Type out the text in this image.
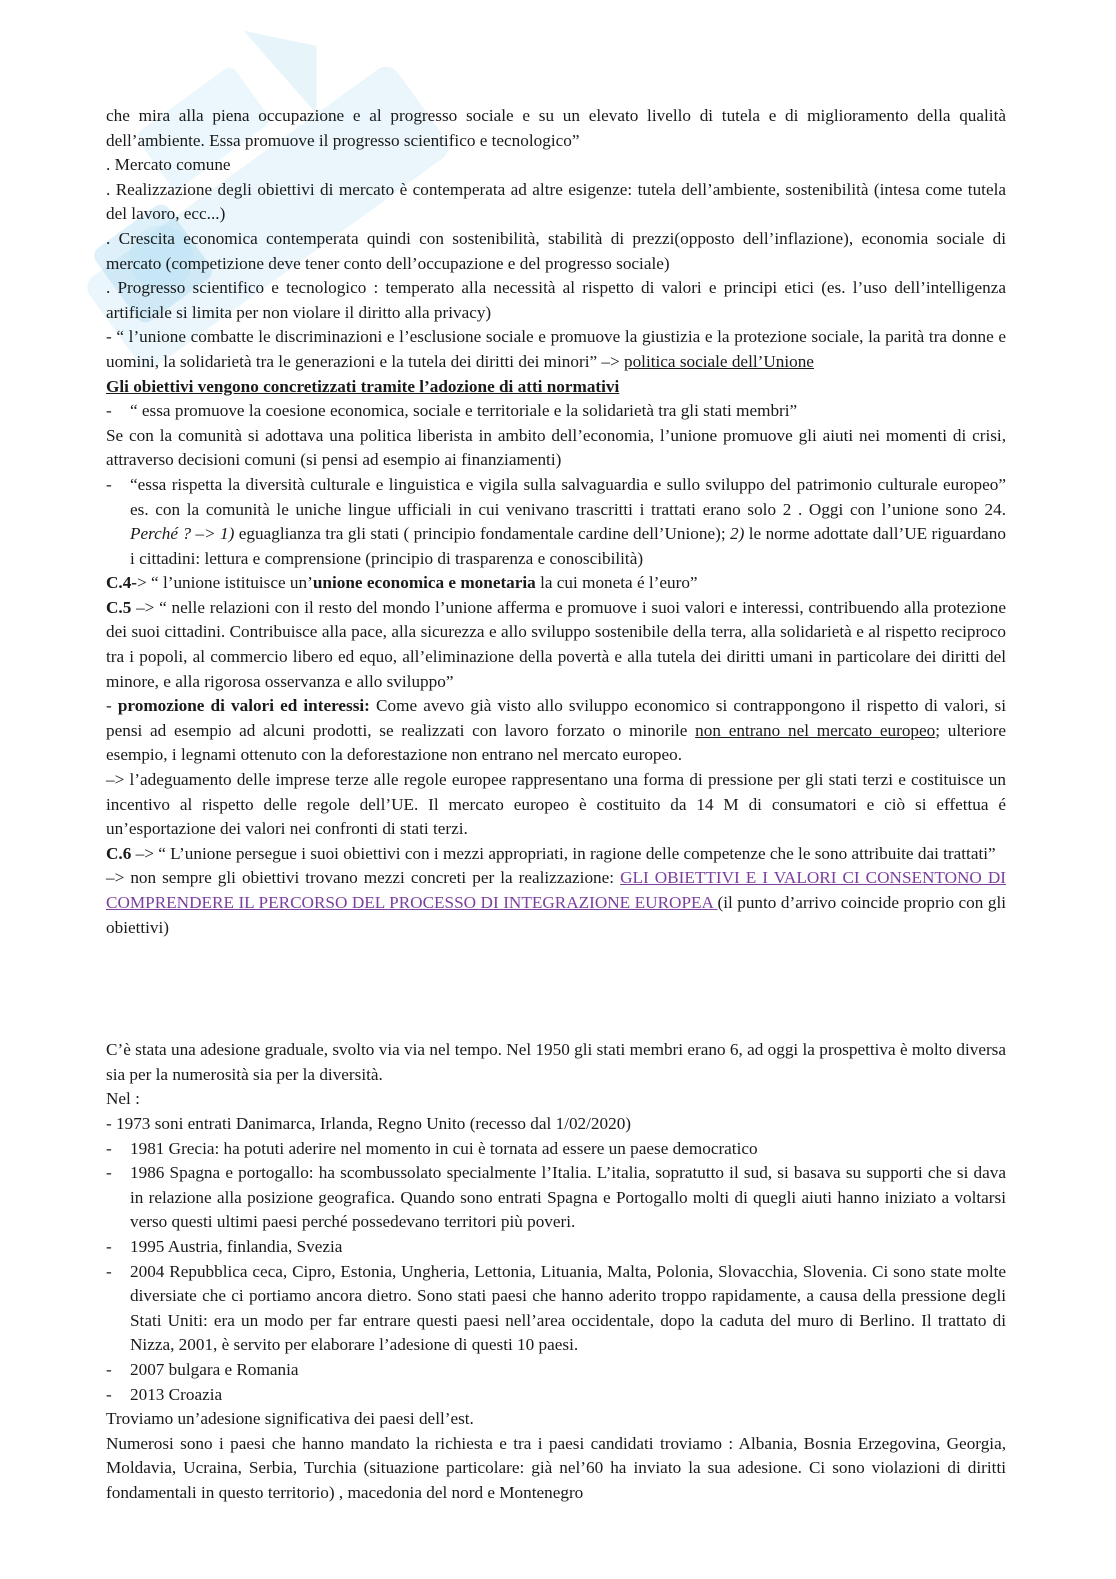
che mira alla piena occupazione e al progresso sociale e su un elevato livello di tutela e di miglioramento della qualità dell’ambiente. Essa promuove il progresso scientifico e tecnologico”

. Mercato comune

. Realizzazione degli obiettivi di mercato è contemperata ad altre esigenze: tutela dell’ambiente, sostenibilità (intesa come tutela del lavoro, ecc...)

. Crescita economica contemperata quindi con sostenibilità, stabilità di prezzi(opposto dell’inflazione), economia sociale di mercato (competizione deve tener conto dell’occupazione e del progresso sociale)

. Progresso scientifico e tecnologico : temperato alla necessità al rispetto di valori e principi etici (es. l’uso dell’intelligenza artificiale si limita per non violare il diritto alla privacy)

- “ l’unione combatte le discriminazioni e l’esclusione sociale e promuove la giustizia e la protezione sociale, la parità tra donne e uomini, la solidarietà tra le generazioni e la tutela dei diritti dei minori” –> politica sociale dell’Unione

Gli obiettivi vengono concretizzati tramite l’adozione di atti normativi

- “ essa promuove la coesione economica, sociale e territoriale e la solidarietà tra gli stati membri”

Se con la comunità si adottava una politica liberista in ambito dell’economia, l’unione promuove gli aiuti nei momenti di crisi, attraverso decisioni comuni (si pensi ad esempio ai finanziamenti)

- “essa rispetta la diversità culturale e linguistica e vigila sulla salvaguardia e sullo sviluppo del patrimonio culturale europeo” es. con la comunità le uniche lingue ufficiali in cui venivano trascritti i trattati erano solo 2 . Oggi con l’unione sono 24. Perché ? –> 1) eguaglianza tra gli stati ( principio fondamentale cardine dell’Unione); 2) le norme adottate dall’UE riguardano i cittadini: lettura e comprensione (principio di trasparenza e conoscibilità)

C.4-> “ l’unione istituisce un’unione economica e monetaria la cui moneta é l’euro”

C.5 –> “ nelle relazioni con il resto del mondo l’unione afferma e promuove i suoi valori e interessi, contribuendo alla protezione dei suoi cittadini. Contribuisce alla pace, alla sicurezza e allo sviluppo sostenibile della terra, alla solidarietà e al rispetto reciproco tra i popoli, al commercio libero ed equo, all’eliminazione della povertà e alla tutela dei diritti umani in particolare dei diritti del minore, e alla rigorosa osservanza e allo sviluppo”

- promozione di valori ed interessi: Come avevo già visto allo sviluppo economico si contrappongono il rispetto di valori, si pensi ad esempio ad alcuni prodotti, se realizzati con lavoro forzato o minorile non entrano nel mercato europeo; ulteriore esempio, i legnami ottenuto con la deforestazione non entrano nel mercato europeo.

–> l’adeguamento delle imprese terze alle regole europee rappresentano una forma di pressione per gli stati terzi e costituisce un incentivo al rispetto delle regole dell’UE. Il mercato europeo è costituito da 14 M di consumatori e ciò si effettua é un’esportazione dei valori nei confronti di stati terzi.

C.6 –> “ L’unione persegue i suoi obiettivi con i mezzi appropriati, in ragione delle competenze che le sono attribuite dai trattati”

–> non sempre gli obiettivi trovano mezzi concreti per la realizzazione: GLI OBIETTIVI E I VALORI CI CONSENTONO DI COMPRENDERE IL PERCORSO DEL PROCESSO DI INTEGRAZIONE EUROPEA (il punto d’arrivo coincide proprio con gli obiettivi)

C’è stata una adesione graduale, svolto via via nel tempo. Nel 1950 gli stati membri erano 6, ad oggi la prospettiva è molto diversa sia per la numerosità sia per la diversità.

Nel :

- 1973 soni entrati Danimarca, Irlanda, Regno Unito (recesso dal 1/02/2020)

- 1981 Grecia: ha potuti aderire nel momento in cui è tornata ad essere un paese democratico
- 1986 Spagna e portogallo: ha scombussolato specialmente l’Italia. L’italia, sopratutto il sud, si basava su supporti che si dava in relazione alla posizione geografica. Quando sono entrati Spagna e Portogallo molti di quegli aiuti hanno iniziato a voltarsi verso questi ultimi paesi perché possedevano territori più poveri.
- 1995 Austria, finlandia, Svezia
- 2004 Repubblica ceca, Cipro, Estonia, Ungheria, Lettonia, Lituania, Malta, Polonia, Slovacchia, Slovenia. Ci sono state molte diversiate che ci portiamo ancora dietro. Sono stati paesi che hanno aderito troppo rapidamente, a causa della pressione degli Stati Uniti: era un modo per far entrare questi paesi nell’area occidentale, dopo la caduta del muro di Berlino. Il trattato di Nizza, 2001, è servito per elaborare l’adesione di questi 10 paesi.
- 2007 bulgara e Romania
- 2013 Croazia

Troviamo un’adesione significativa dei paesi dell’est.

Numerosi sono i paesi che hanno mandato la richiesta e tra i paesi candidati troviamo : Albania, Bosnia Erzegovina, Georgia, Moldavia, Ucraina, Serbia, Turchia (situazione particolare: già nel’60 ha inviato la sua adesione. Ci sono violazioni di diritti fondamentali in questo territorio) , macedonia del nord e Montenegro
